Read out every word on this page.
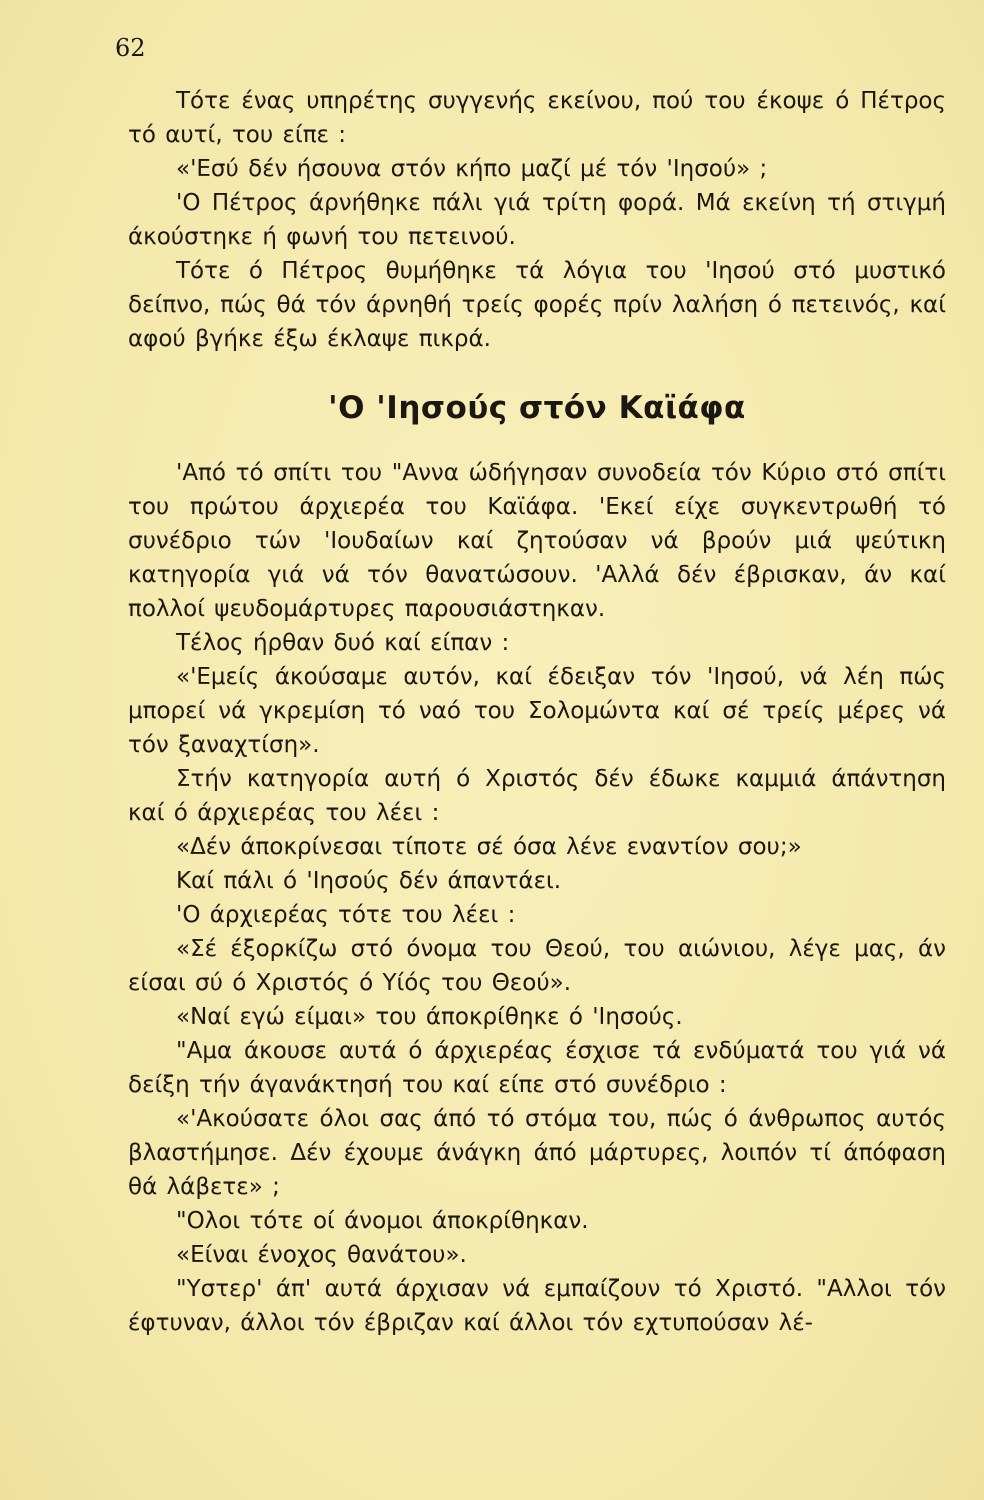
62

Τότε ένας υπηρέτης συγγενής εκείνου, πού του έκοψε ό Πέτρος τό αυτί, του είπε :

«'Εσύ δέν ήσουνα στόν κήπο μαζί μέ τόν 'Ιησού» ;

'Ο Πέτρος άρνήθηκε πάλι γιά τρίτη φορά. Μά εκείνη τή στιγμή άκούστηκε ή φωνή του πετεινού.

Τότε ό Πέτρος θυμήθηκε τά λόγια του 'Ιησού στό μυστικό δείπνο, πώς θά τόν άρνηθή τρείς φορές πρίν λαλήση ό πετεινός, καί αφού βγήκε έξω έκλαψε πικρά.

'Ο 'Ιησούς στόν Καϊάφα

'Από τό σπίτι του "Αννα ώδήγησαν συνοδεία τόν Κύριο στό σπίτι του πρώτου άρχιερέα του Καϊάφα. 'Εκεί είχε συγκεντρωθή τό συνέδριο τών 'Ιουδαίων καί ζητούσαν νά βρούν μιά ψεύτικη κατηγορία γιά νά τόν θανατώσουν. 'Αλλά δέν έβρισκαν, άν καί πολλοί ψευδομάρτυρες παρουσιάστηκαν.

Τέλος ήρθαν δυό καί είπαν :

«'Εμείς άκούσαμε αυτόν, καί έδειξαν τόν 'Ιησού, νά λέη πώς μπορεί νά γκρεμίση τό ναό του Σολομώντα καί σέ τρείς μέρες νά τόν ξαναχτίση».

Στήν κατηγορία αυτή ό Χριστός δέν έδωκε καμμιά άπάντηση καί ό άρχιερέας του λέει :

«Δέν άποκρίνεσαι τίποτε σέ όσα λένε εναντίον σου;»

Καί πάλι ό 'Ιησούς δέν άπαντάει.

'Ο άρχιερέας τότε του λέει :

«Σέ έξορκίζω στό όνομα του Θεού, του αιώνιου, λέγε μας, άν είσαι σύ ό Χριστός ό Υίός του Θεού».

«Ναί εγώ είμαι» του άποκρίθηκε ό 'Ιησούς.

"Αμα άκουσε αυτά ό άρχιερέας έσχισε τά ενδύματά του γιά νά δείξη τήν άγανάκτησή του καί είπε στό συνέδριο :

«'Ακούσατε όλοι σας άπό τό στόμα του, πώς ό άνθρωπος αυτός βλαστήμησε. Δέν έχουμε άνάγκη άπό μάρτυρες, λοιπόν τί άπόφαση θά λάβετε» ;

"Ολοι τότε οί άνομοι άποκρίθηκαν.

«Είναι ένοχος θανάτου».

"Υστερ' άπ' αυτά άρχισαν νά εμπαίζουν τό Χριστό. "Αλλοι τόν έφτυναν, άλλοι τόν έβριζαν καί άλλοι τόν εχτυπούσαν λέ-
